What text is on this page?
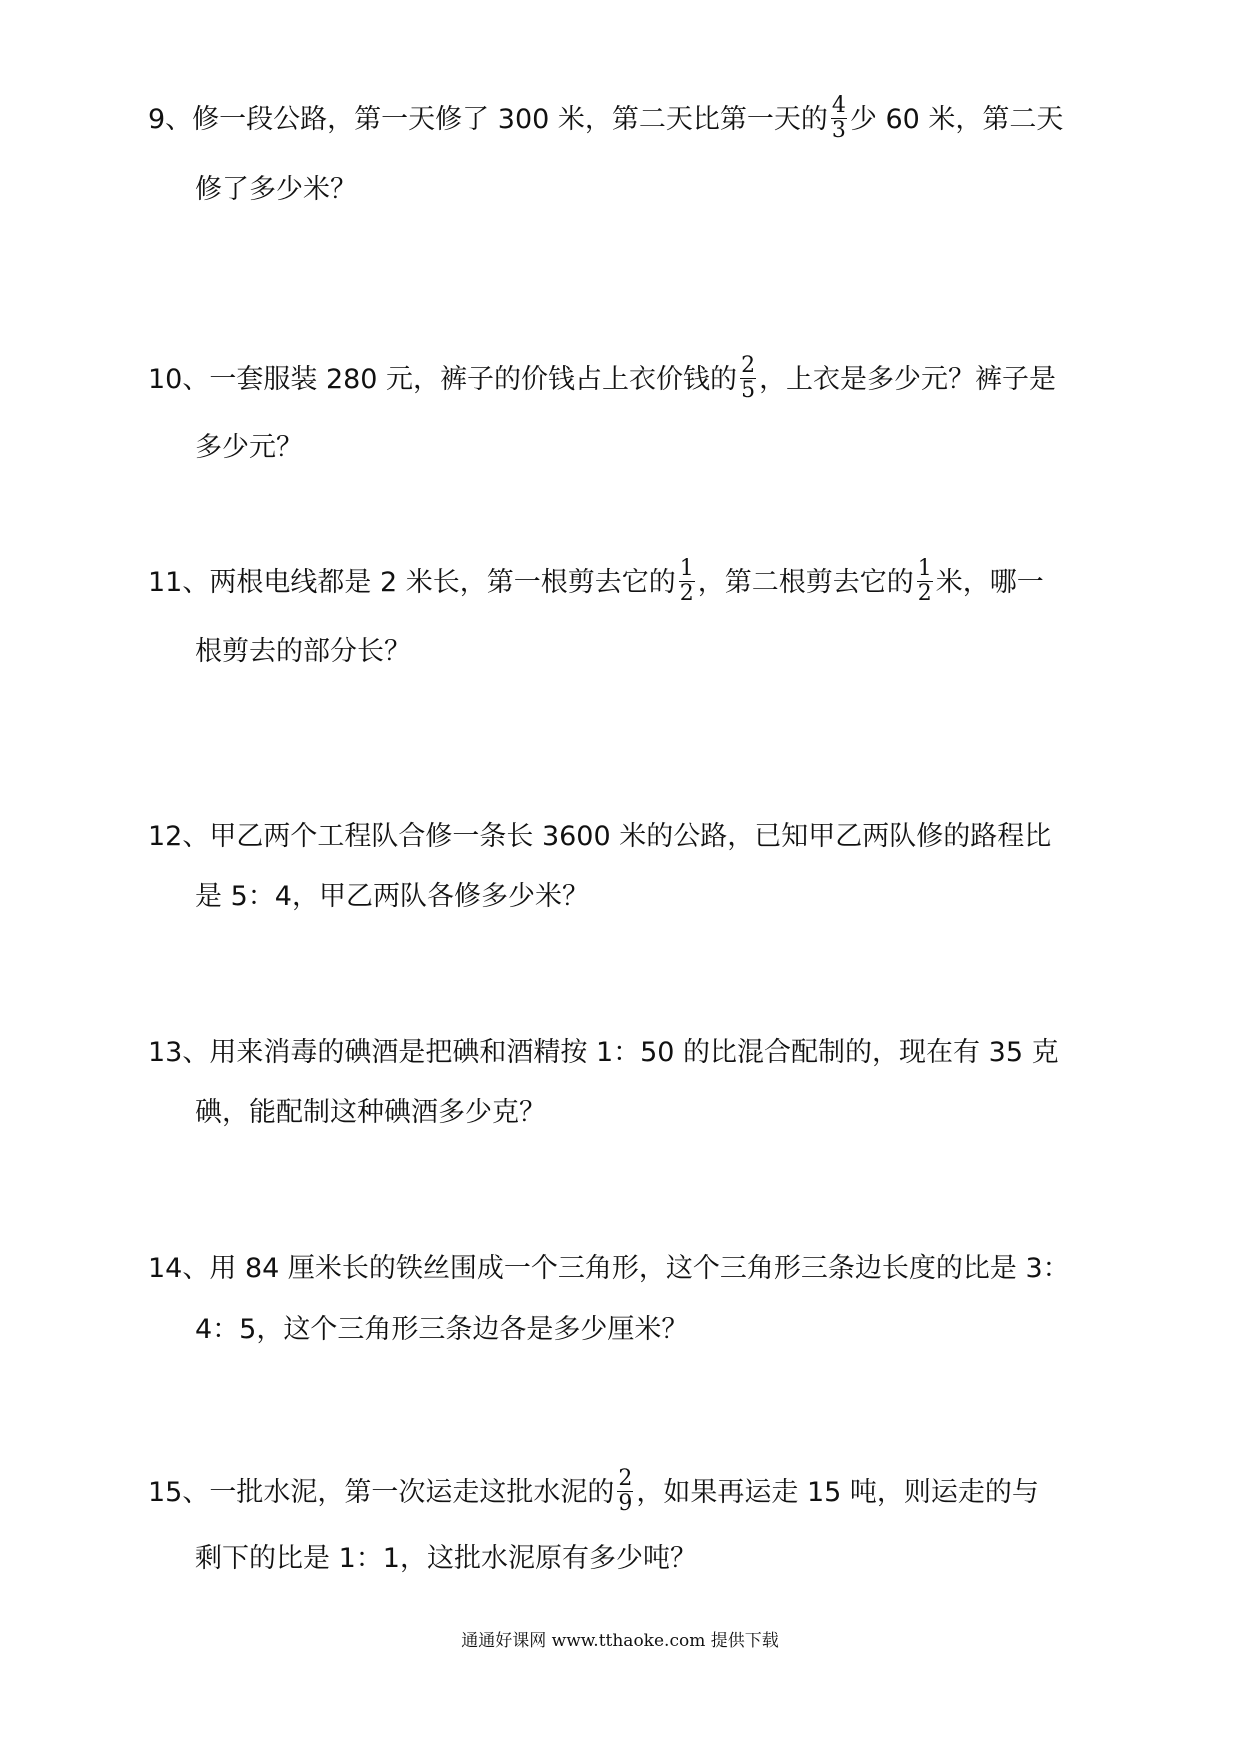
9、修一段公路，第一天修了 300 米，第二天比第一天的 $\frac{4}{3}$ 少 60 米，第二天
修了多少米？
10、一套服装 280 元，裤子的价钱占上衣价钱的 $\frac{2}{5}$ ，上衣是多少元？裤子是
多少元？
11、两根电线都是 2 米长，第一根剪去它的 $\frac{1}{2}$ ，第二根剪去它的 $\frac{1}{2}$ 米，哪一
根剪去的部分长？
12、甲乙两个工程队合修一条长 3600 米的公路，已知甲乙两队修的路程比
是 5：4，甲乙两队各修多少米？
13、用来消毒的碘酒是把碘和酒精按 1：50 的比混合配制的，现在有 35 克
碘，能配制这种碘酒多少克？
14、用 84 厘米长的铁丝围成一个三角形，这个三角形三条边长度的比是 3：
4：5，这个三角形三条边各是多少厘米？
15、一批水泥，第一次运走这批水泥的 $\frac{2}{9}$ ，如果再运走 15 吨，则运走的与
剩下的比是 1：1，这批水泥原有多少吨？
通通好课网 www.tthaoke.com 提供下载
